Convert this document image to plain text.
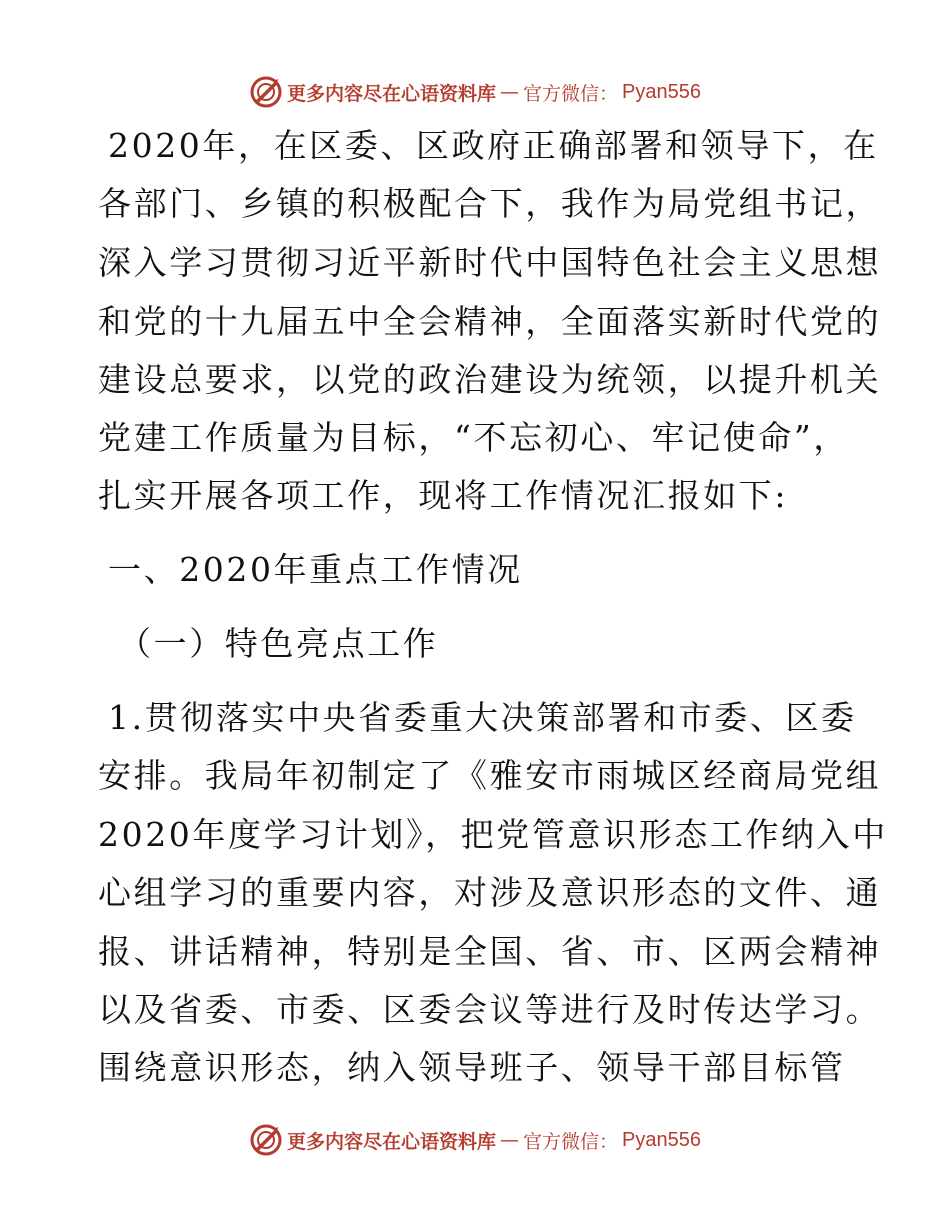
更多内容尽在心语资料库 — 官方微信： Pyan556
2020年，在区委、区政府正确部署和领导下，在
各部门、乡镇的积极配合下，我作为局党组书记，
深入学习贯彻习近平新时代中国特色社会主义思想
和党的十九届五中全会精神，全面落实新时代党的
建设总要求，以党的政治建设为统领，以提升机关
党建工作质量为目标，“不忘初心、牢记使命”，
扎实开展各项工作，现将工作情况汇报如下:
一、2020年重点工作情况
（一）特色亮点工作
1.贯彻落实中央省委重大决策部署和市委、区委
安排。我局年初制定了《雅安市雨城区经商局党组
2020年度学习计划》，把党管意识形态工作纳入中
心组学习的重要内容，对涉及意识形态的文件、通
报、讲话精神，特别是全国、省、市、区两会精神
以及省委、市委、区委会议等进行及时传达学习。
围绕意识形态，纳入领导班子、领导干部目标管
更多内容尽在心语资料库 — 官方微信： Pyan556
